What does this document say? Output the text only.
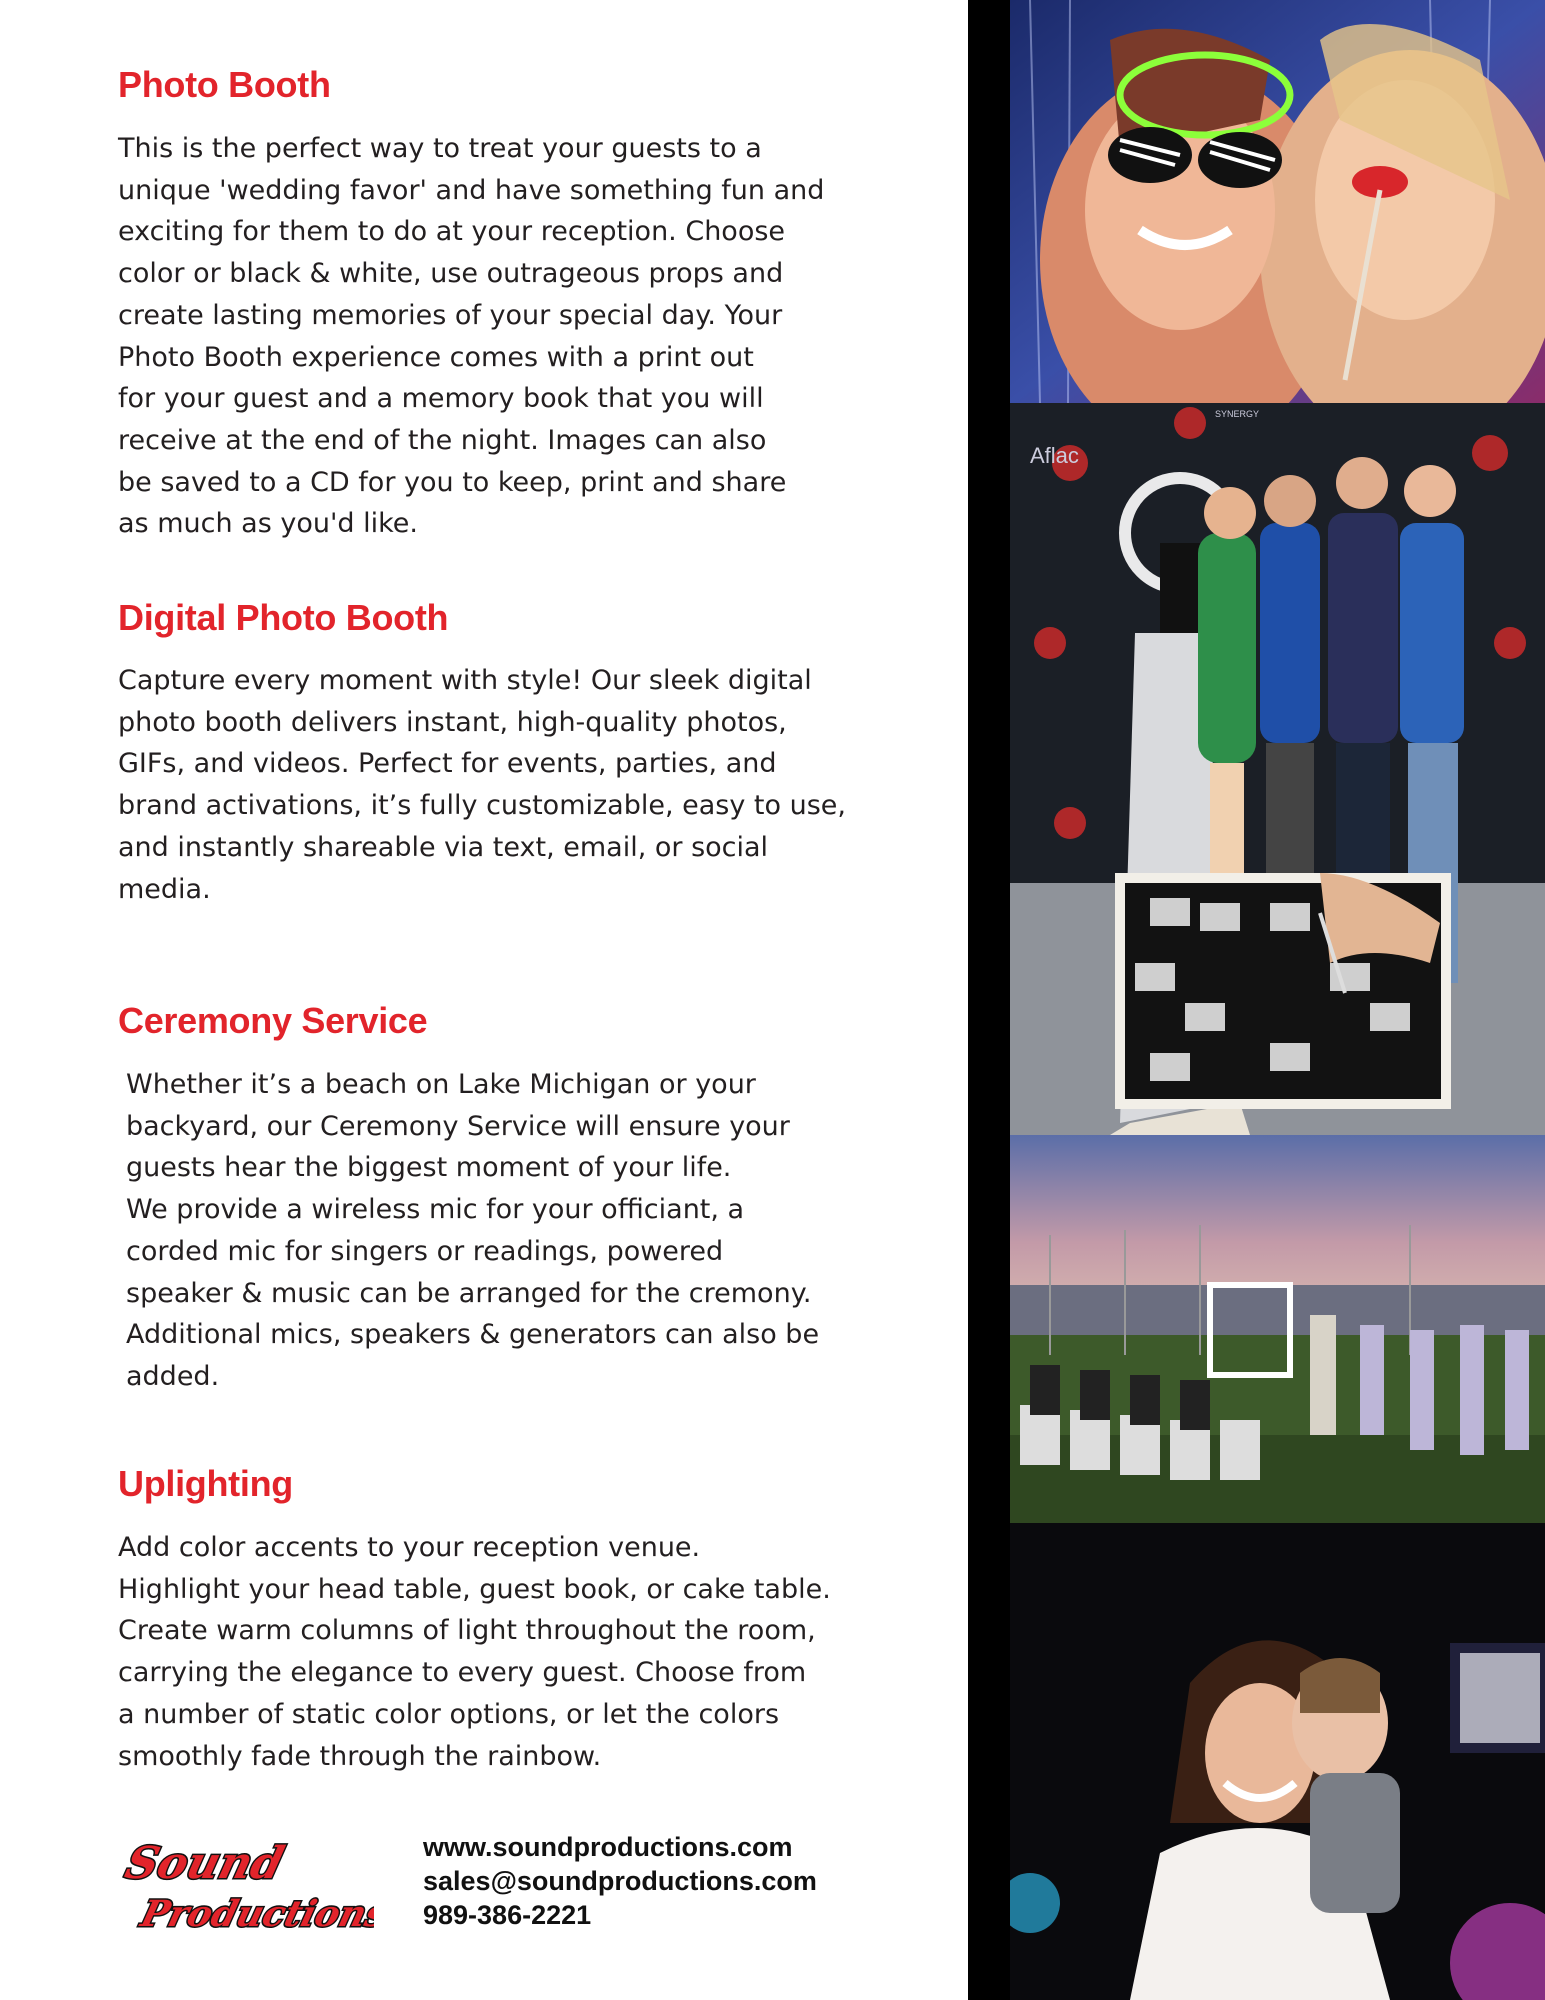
Photo Booth

This is the perfect way to treat your guests to a
unique 'wedding favor' and have something fun and
exciting for them to do at your reception. Choose
color or black & white, use outrageous props and
create lasting memories of your special day. Your
Photo Booth experience comes with a print out
for your guest and a memory book that you will
receive at the end of the night. Images can also
be saved to a CD for you to keep, print and share
as much as you'd like.

Digital Photo Booth

Capture every moment with style! Our sleek digital
photo booth delivers instant, high-quality photos,
GIFs, and videos. Perfect for events, parties, and
brand activations, it’s fully customizable, easy to use,
and instantly shareable via text, email, or social
media.

Ceremony Service

Whether it’s a beach on Lake Michigan or your
backyard, our Ceremony Service will ensure your
guests hear the biggest moment of your life.
We provide a wireless mic for your officiant, a
corded mic for singers or readings, powered
speaker & music can be arranged for the cremony.
Additional mics, speakers & generators can also be
added.

Uplighting

Add color accents to your reception venue.
Highlight your head table, guest book, or cake table.
Create warm columns of light throughout the room,
carrying the elegance to every guest. Choose from
a number of static color options, or let the colors
smoothly fade through the rainbow.

Sound
Productions
www.soundproductions.com
sales@soundproductions.com
989-386-2221
Aflac
SYNERGY
